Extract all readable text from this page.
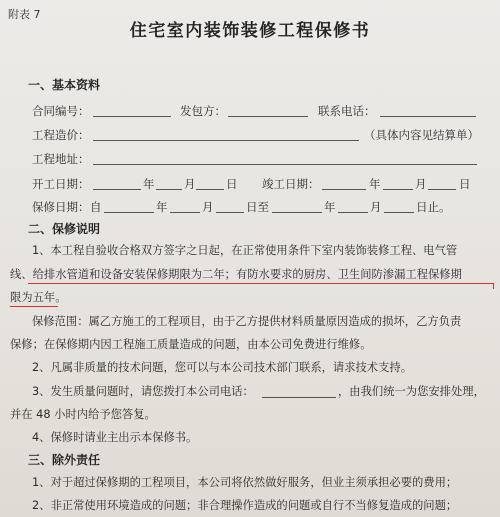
附表 7
住宅室内装饰装修工程保修书
一、基本资料
合同编号：	发包方：	联系电话：
工程造价：	（具体内容见结算单）
工程地址：
开工日期：	年	月	日 竣工日期：	年	月	日
保修日期： 自	年	月	日至	年	月	日止。
二、保修说明
1、本工程自验收合格双方签字之日起，在正常使用条件下室内装饰装修工程、电气管
线、给排水管道和设备安装保修期限为二年；有防水要求的厨房、卫生间防渗漏工程保修期
限为五年。
保修范围：属乙方施工的工程项目，由于乙方提供材料质量原因造成的损坏，乙方负责
保修；在保修期内因工程施工质量造成的问题，由本公司免费进行维修。
2、凡属非质量的技术问题，您可以与本公司技术部门联系，请求技术支持。
3、发生质量问题时，请您拨打本公司电话：	，由我们统一为您安排处理，
并在 48 小时内给予您答复。
4、保修时请业主出示本保修书。
三、除外责任
1、对于超过保修期的工程项目，本公司将依然做好服务，但业主须承担必要的费用；
2、非正常使用环境造成的问题；非合理操作造成的问题或自行不当修复造成的问题；
